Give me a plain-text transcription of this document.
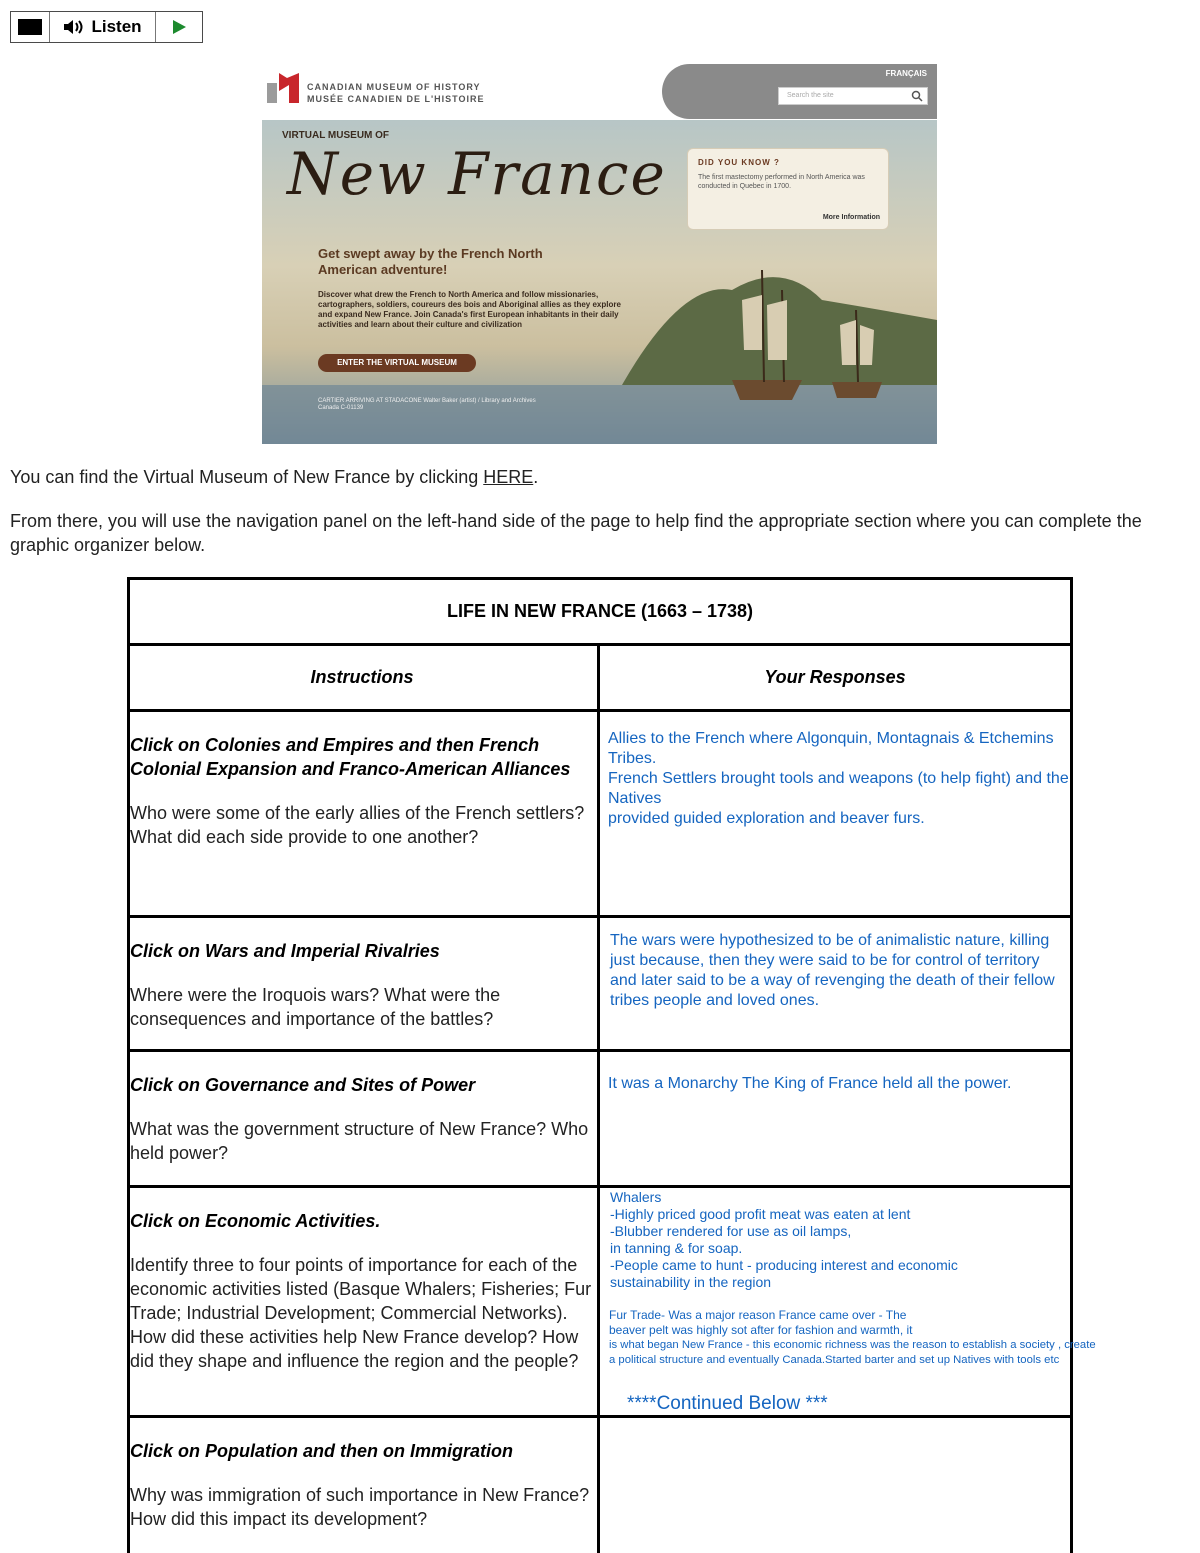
Listen
CANADIAN MUSEUM OF HISTORY
MUSÉE CANADIEN DE L'HISTOIRE
FRANÇAIS
Search the site
VIRTUAL MUSEUM OF
New France
Get swept away by the French North American adventure!
Discover what drew the French to North America and follow missionaries, cartographers, soldiers, coureurs des bois and Aboriginal allies as they explore and expand New France. Join Canada's first European inhabitants in their daily activities and learn about their culture and civilization
ENTER THE VIRTUAL MUSEUM
CARTIER ARRIVING AT STADACONE Walter Baker (artist) / Library and Archives Canada C-01139
DID YOU KNOW ?
The first mastectomy performed in North America was conducted in Quebec in 1700.
More Information
You can find the Virtual Museum of New France by clicking HERE.
From there, you will use the navigation panel on the left-hand side of the page to help find the appropriate section where you can complete the graphic organizer below.
LIFE IN NEW FRANCE (1663 – 1738)
Instructions	Your Responses
Click on Colonies and Empires and then French Colonial Expansion and Franco-American Alliances
Who were some of the early allies of the French settlers? What did each side provide to one another?
Allies to the French where Algonquin, Montagnais & Etchemins Tribes.
French Settlers brought tools and weapons (to help fight) and the Natives
provided guided exploration and beaver furs.
Click on Wars and Imperial Rivalries
Where were the Iroquois wars? What were the consequences and importance of the battles?
The wars were hypothesized to be of animalistic nature, killing just because, then they were said to be for control of territory and later said to be a way of revenging the death of their fellow tribes people and loved ones.
Click on Governance and Sites of Power
What was the government structure of New France? Who held power?
It was a Monarchy The King of France held all the power.
Click on Economic Activities.
Identify three to four points of importance for each of the economic activities listed (Basque Whalers; Fisheries; Fur Trade; Industrial Development; Commercial Networks). How did these activities help New France develop? How did they shape and influence the region and the people?
Whalers
-Highly priced good profit meat was eaten at lent
-Blubber rendered for use as oil lamps,
in tanning & for soap.
-People came to hunt - producing interest and economic
sustainability in the region
Fur Trade- Was a major reason France came over - The
beaver pelt was highly sot after for fashion and warmth, it
is what began New France - this economic richness was the reason to establish a society , create
a political structure and eventually Canada.Started barter and set up Natives with tools etc
****Continued Below ***
Click on Population and then on Immigration
Why was immigration of such importance in New France? How did this impact its development?
